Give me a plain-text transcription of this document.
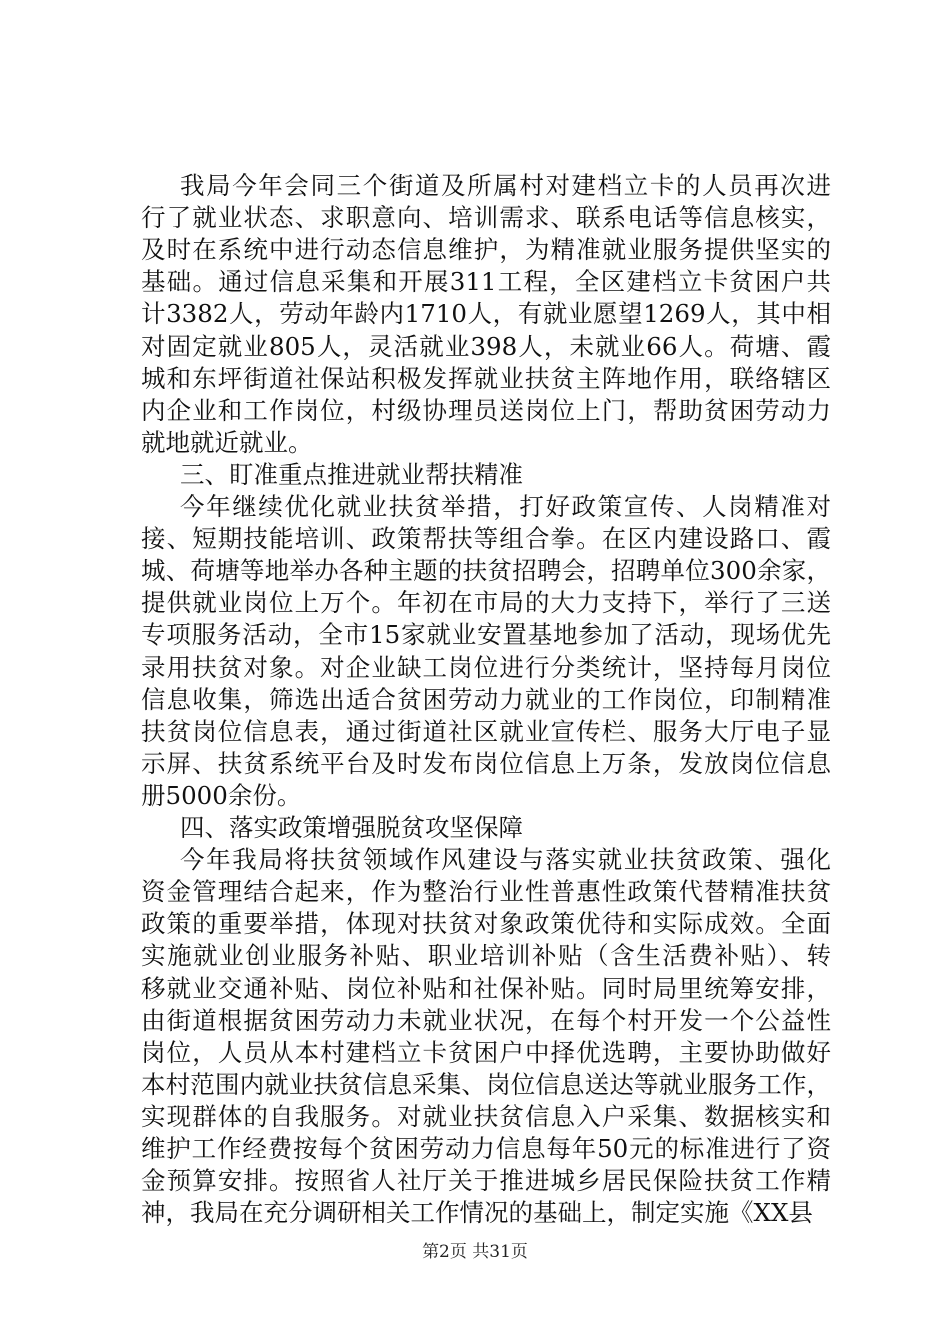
我局今年会同三个街道及所属村对建档立卡的人员再次进
行了就业状态、求职意向、培训需求、联系电话等信息核实，
及时在系统中进行动态信息维护，为精准就业服务提供坚实的
基础。通过信息采集和开展311工程，全区建档立卡贫困户共
计3382人，劳动年龄内1710人，有就业愿望1269人，其中相
对固定就业805人，灵活就业398人，未就业66人。荷塘、霞
城和东坪街道社保站积极发挥就业扶贫主阵地作用，联络辖区
内企业和工作岗位，村级协理员送岗位上门，帮助贫困劳动力
就地就近就业。
三、盯准重点推进就业帮扶精准
今年继续优化就业扶贫举措，打好政策宣传、人岗精准对
接、短期技能培训、政策帮扶等组合拳。在区内建设路口、霞
城、荷塘等地举办各种主题的扶贫招聘会，招聘单位300余家，
提供就业岗位上万个。年初在市局的大力支持下，举行了三送
专项服务活动，全市15家就业安置基地参加了活动，现场优先
录用扶贫对象。对企业缺工岗位进行分类统计，坚持每月岗位
信息收集，筛选出适合贫困劳动力就业的工作岗位，印制精准
扶贫岗位信息表，通过街道社区就业宣传栏、服务大厅电子显
示屏、扶贫系统平台及时发布岗位信息上万条，发放岗位信息
册5000余份。
四、落实政策增强脱贫攻坚保障
今年我局将扶贫领域作风建设与落实就业扶贫政策、强化
资金管理结合起来，作为整治行业性普惠性政策代替精准扶贫
政策的重要举措，体现对扶贫对象政策优待和实际成效。全面
实施就业创业服务补贴、职业培训补贴（含生活费补贴）、转
移就业交通补贴、岗位补贴和社保补贴。同时局里统筹安排，
由街道根据贫困劳动力未就业状况，在每个村开发一个公益性
岗位，人员从本村建档立卡贫困户中择优选聘，主要协助做好
本村范围内就业扶贫信息采集、岗位信息送达等就业服务工作，
实现群体的自我服务。对就业扶贫信息入户采集、数据核实和
维护工作经费按每个贫困劳动力信息每年50元的标准进行了资
金预算安排。按照省人社厅关于推进城乡居民保险扶贫工作精
神，我局在充分调研相关工作情况的基础上，制定实施《XX县
第2页 共31页
